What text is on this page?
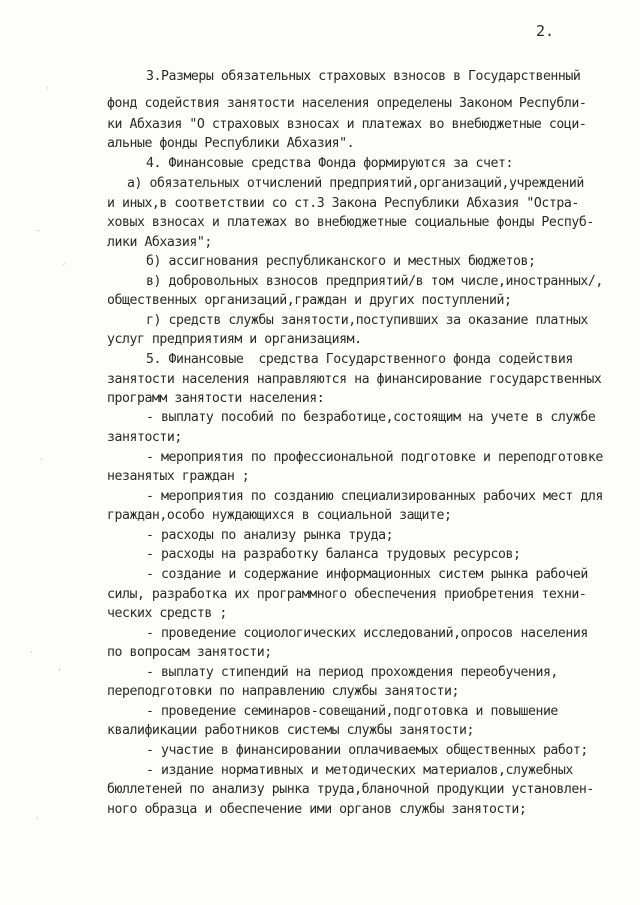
ꜝ
ˉ
⸝
ˌ
·
ʻ
˒
2.
3.Размеры обязательных страховых взносов в Государственный
фонд содействия занятости населения определены Законом Республи-
ки Абхазия "О страховых взносах и платежах во внебюджетные соци-
альные фонды Республики Абхазия".
4. Финансовые средства Фонда формируются за счет:
а) обязательных отчислений предприятий,организаций,учреждений
и иных,в соответствии со ст.3 Закона Республики Абхазия "Остра-
ховых взносах и платежах во внебюджетные социальные фонды Респуб-
лики Абхазия";
б) ассигнования республиканского и местных бюджетов;
в) добровольных взносов предприятий/в том числе,иностранных/,
общественных организаций,граждан и других поступлений;
г) средств службы занятости,поступивших за оказание платных
услуг предприятиям и организациям.
5. Финансовые  средства Государственного фонда содействия
занятости населения направляются на финансирование государственных
программ занятости населения:
- выплату пособий по безработице,состоящим на учете в службе
занятости;
- мероприятия по профессиональной подготовке и переподготовке
незанятых граждан ;
- мероприятия по созданию специализированных рабочих мест для
граждан,особо нуждающихся в социальной защите;
- расходы по анализу рынка труда;
- расходы на разработку баланса трудовых ресурсов;
- создание и содержание информационных систем рынка рабочей
силы, разработка их программного обеспечения приобретения техни-
ческих средств ;
- проведение социологических исследований,опросов населения
по вопросам занятости;
- выплату стипендий на период прохождения переобучения,
переподготовки по направлению службы занятости;
- проведение семинаров-совещаний,подготовка и повышение
квалификации работников системы службы занятости;
- участие в финансировании оплачиваемых общественных работ;
- издание нормативных и методических материалов,служебных
бюллетеней по анализу рынка труда,бланочной продукции установлен-
ного образца и обеспечение ими органов службы занятости;
